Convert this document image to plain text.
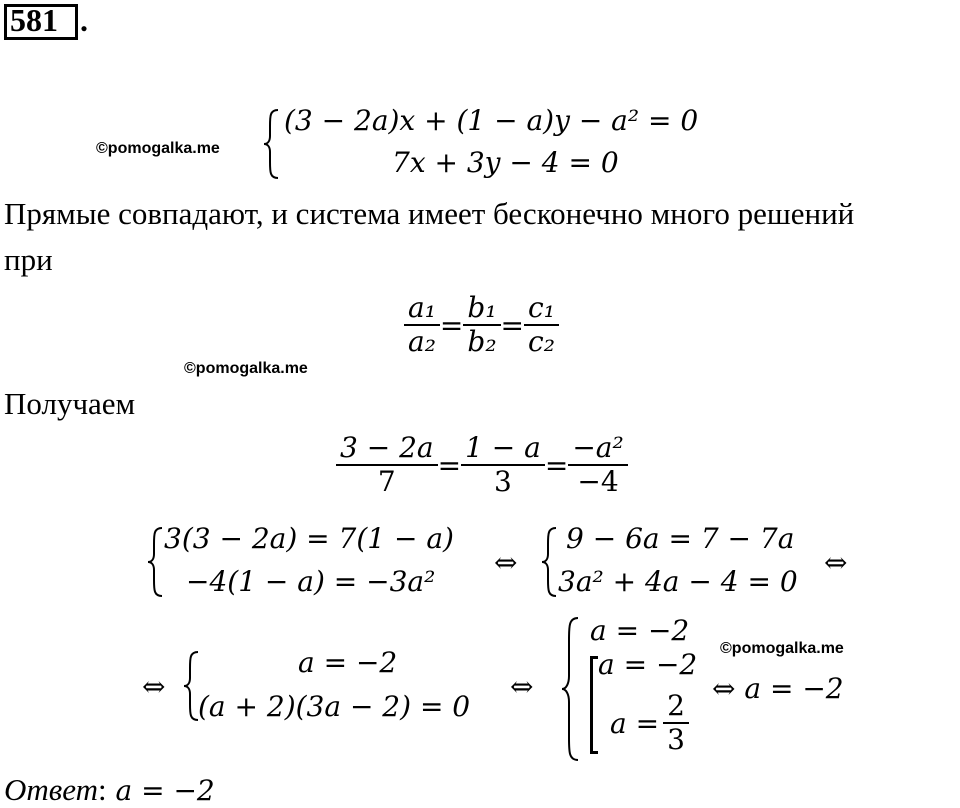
581 .
©pomogalka.me
(3 − 2a)x + (1 − a)y − a² = 0
7x + 3y − 4 = 0
Прямые совпадают, и система имеет бесконечно много решений
при
$\frac{\text{a₁}}{\text{a₂}} = \frac{\text{b₁}}{\text{b₂}} = \frac{\text{c₁}}{\text{c₂}}$
©pomogalka.me
Получаем
$\frac{3 - 2a}{7} = \frac{1 - a}{3} = \frac{\text{−a²}}{-4}$
3(3 − 2a) = 7(1 − a)
−4(1 − a) = −3a²
⇔
9 − 6a = 7 − 7a
3a² + 4a − 4 = 0
⇔
⇔
a = −2
(a + 2)(3a − 2) = 0
⇔
a = −2
a = −2
$a = \frac{2}{3}$
©pomogalka.me
⇔ a = −2
Ответ: a = −2
